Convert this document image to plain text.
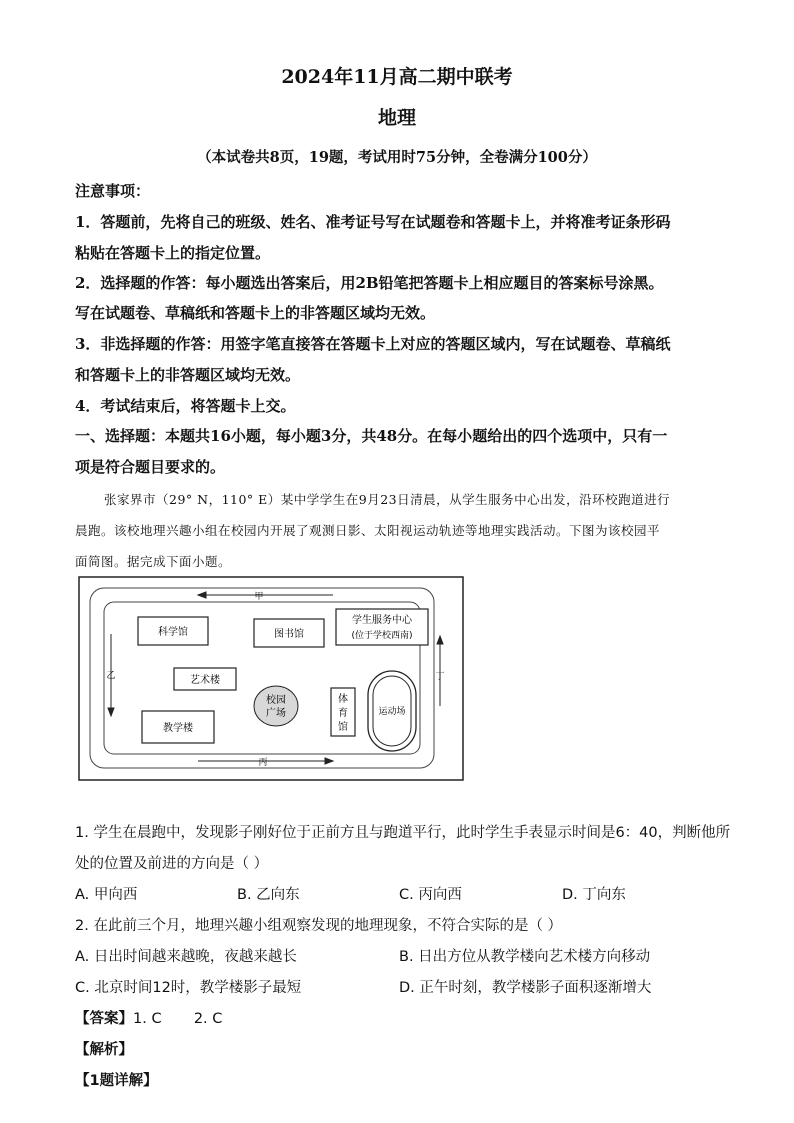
2024年11月高二期中联考
地理
（本试卷共8页，19题，考试用时75分钟，全卷满分100分）
注意事项：
1．答题前，先将自己的班级、姓名、准考证号写在试题卷和答题卡上，并将准考证条形码
粘贴在答题卡上的指定位置。
2．选择题的作答：每小题选出答案后，用2B铅笔把答题卡上相应题目的答案标号涂黑。
写在试题卷、草稿纸和答题卡上的非答题区域均无效。
3．非选择题的作答：用签字笔直接答在答题卡上对应的答题区域内，写在试题卷、草稿纸
和答题卡上的非答题区域均无效。
4．考试结束后，将答题卡上交。
一、选择题：本题共16小题，每小题3分，共48分。在每小题给出的四个选项中，只有一
项是符合题目要求的。
张家界市（29° N，110° E）某中学学生在9月23日清晨，从学生服务中心出发，沿环校跑道进行
晨跑。该校地理兴趣小组在校园内开展了观测日影、太阳视运动轨迹等地理实践活动。下图为该校园平
面简图。据完成下面小题。
甲
乙
丙
丁
科学馆	图书馆
学生服务中心
(位于学校西南)
艺术楼
校园
广场
体
育
馆
运动场
教学楼
1. 学生在晨跑中，发现影子刚好位于正前方且与跑道平行，此时学生手表显示时间是6：40，判断他所
处的位置及前进的方向是（ ）
A. 甲向西	B. 乙向东	C. 丙向西	D. 丁向东
2. 在此前三个月，地理兴趣小组观察发现的地理现象，不符合实际的是（ ）
A. 日出时间越来越晚，夜越来越长	B. 日出方位从教学楼向艺术楼方向移动
C. 北京时间12时，教学楼影子最短	D. 正午时刻，教学楼影子面积逐渐增大
【答案】1. C       2. C
【解析】
【1题详解】
